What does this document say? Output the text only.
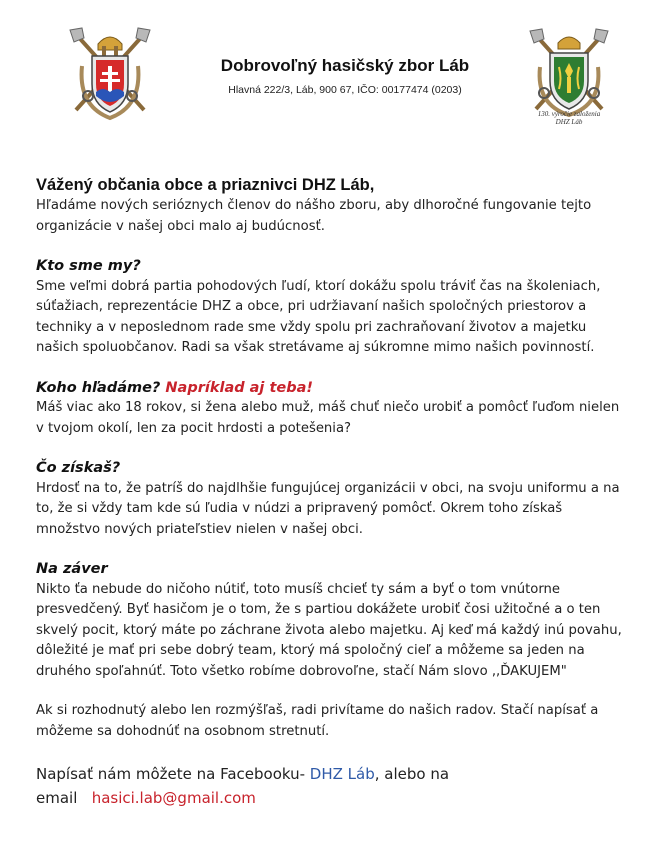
Dobrovoľný hasičský zbor Láb
Hlavná 222/3, Láb, 900 67, IČO: 00177474 (0203)
130. výročie založenia
DHZ Láb
Vážený občania obce a priaznivci DHZ Láb,

Hľadáme nových serióznych členov do nášho zboru, aby dlhoročné fungovanie tejto organizácie v našej obci malo aj budúcnosť.

Kto sme my?

Sme veľmi dobrá partia pohodových ľudí, ktorí dokážu spolu tráviť čas na školeniach, súťažiach, reprezentácie DHZ a obce, pri udržiavaní našich spoločných priestorov a techniky a v neposlednom rade sme vždy spolu pri zachraňovaní životov a majetku našich spoluobčanov. Radi sa však stretávame aj súkromne mimo našich povinností.

Koho hľadáme? Napríklad aj teba!

Máš viac ako 18 rokov, si žena alebo muž, máš chuť niečo urobiť a pomôcť ľuďom nielen v tvojom okolí, len za pocit hrdosti a potešenia?

Čo získaš?

Hrdosť na to, že patríš do najdlhšie fungujúcej organizácii v obci, na svoju uniformu a na to, že si vždy tam kde sú ľudia v núdzi a pripravený pomôcť. Okrem toho získaš množstvo nových priateľstiev nielen v našej obci.

Na záver

Nikto ťa nebude do ničoho nútiť, toto musíš chcieť ty sám a byť o tom vnútorne presvedčený. Byť hasičom je o tom, že s partiou dokážete urobiť čosi užitočné a o ten skvelý pocit, ktorý máte po záchrane života alebo majetku. Aj keď má každý inú povahu, dôležité je mať pri sebe dobrý team, ktorý má spoločný cieľ a môžeme sa jeden na druhého spoľahnúť. Toto všetko robíme dobrovoľne, stačí Nám slovo ,,ĎAKUJEM"

Ak si rozhodnutý alebo len rozmýšľaš, radi privítame do našich radov. Stačí napísať a môžeme sa dohodnúť na osobnom stretnutí.

Napísať nám môžete na Facebooku- DHZ Láb, alebo na
email hasici.lab@gmail.com
